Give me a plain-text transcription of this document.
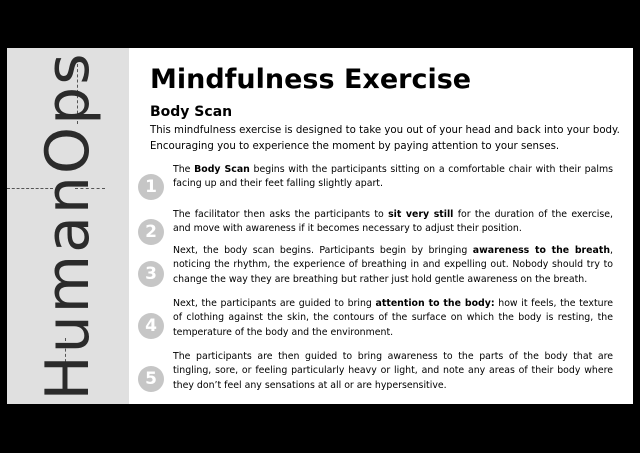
HumanOps Mindfulness Exercise
Body Scan
This mindfulness exercise is designed to take you out of your head and back into your body. Encouraging you to experience the moment by paying attention to your senses.
1
The Body Scan begins with the participants sitting on a comfortable chair with their palms facing up and their feet falling slightly apart.
2
The facilitator then asks the participants to sit very still for the duration of the exercise, and move with awareness if it becomes necessary to adjust their position.
3
Next, the body scan begins. Participants begin by bringing awareness to the breath, noticing the rhythm, the experience of breathing in and expelling out. Nobody should try to change the way they are breathing but rather just hold gentle awareness on the breath.
4
Next, the participants are guided to bring attention to the body: how it feels, the texture of clothing against the skin, the contours of the surface on which the body is resting, the temperature of the body and the environment.
5
The participants are then guided to bring awareness to the parts of the body that are tingling, sore, or feeling particularly heavy or light, and note any areas of their body where they don’t feel any sensations at all or are hypersensitive.
